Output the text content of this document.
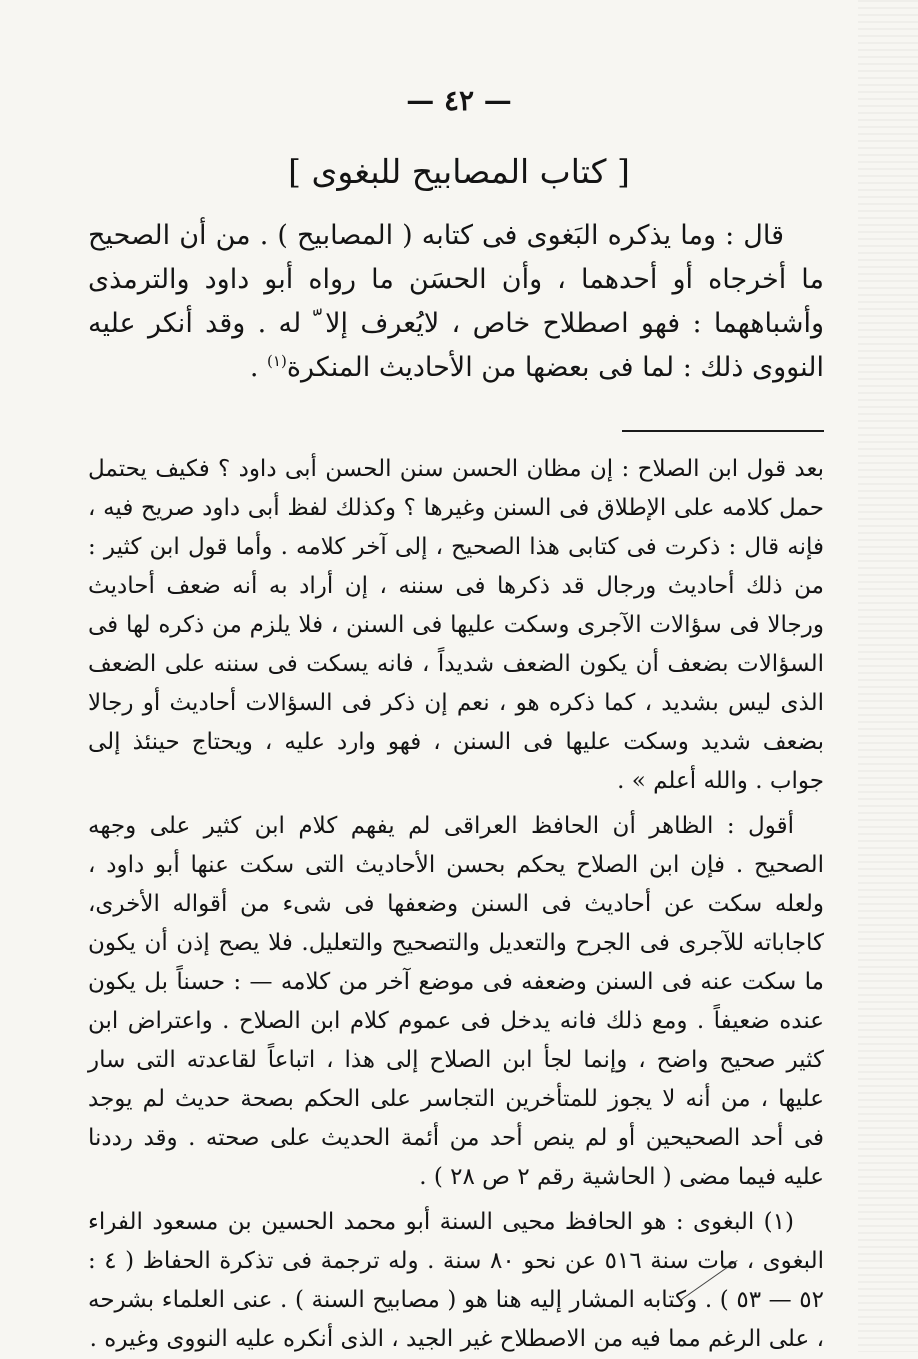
— ٤٢ —
[ كتاب المصابيح للبغوى ]

قال : وما يذكره البَغوى فى كتابه ( المصابيح ) . من أن الصحيح ما أخرجاه أو أحدهما ، وأن الحسَن ما رواه أبو داود والترمذى وأشباههما : فهو اصطلاح خاص ، لايُعرف إلا ّ له . وقد أنكر عليه النووى ذلك : لما فى بعضها من الأحاديث المنكرة$^{(١)}$ .

بعد قول ابن الصلاح : إن مظان الحسن سنن الحسن أبى داود ؟ فكيف يحتمل حمل كلامه على الإطلاق فى السنن وغيرها ؟ وكذلك لفظ أبى داود صريح فيه ، فإنه قال : ذكرت فى كتابى هذا الصحيح ، إلى آخر كلامه . وأما قول ابن كثير : من ذلك أحاديث ورجال قد ذكرها فى سننه ، إن أراد به أنه ضعف أحاديث ورجالا فى سؤالات الآجرى وسكت عليها فى السنن ، فلا يلزم من ذكره لها فى السؤالات بضعف أن يكون الضعف شديداً ، فانه يسكت فى سننه على الضعف الذى ليس بشديد ، كما ذكره هو ، نعم إن ذكر فى السؤالات أحاديث أو رجالا بضعف شديد وسكت عليها فى السنن ، فهو وارد عليه ، ويحتاج حينئذ إلى جواب . والله أعلم » .

أقول : الظاهر أن الحافظ العراقى لم يفهم كلام ابن كثير على وجهه الصحيح . فإن ابن الصلاح يحكم بحسن الأحاديث التى سكت عنها أبو داود ، ولعله سكت عن أحاديث فى السنن وضعفها فى شىء من أقواله الأخرى، كاجاباته للآجرى فى الجرح والتعديل والتصحيح والتعليل. فلا يصح إذن أن يكون ما سكت عنه فى السنن وضعفه فى موضع آخر من كلامه — : حسناً بل يكون عنده ضعيفاً . ومع ذلك فانه يدخل فى عموم كلام ابن الصلاح . واعتراض ابن كثير صحيح واضح ، وإنما لجأ ابن الصلاح إلى هذا ، اتباعاً لقاعدته التى سار عليها ، من أنه لا يجوز للمتأخرين التجاسر على الحكم بصحة حديث لم يوجد فى أحد الصحيحين أو لم ينص أحد من أئمة الحديث على صحته . وقد رددنا عليه فيما مضى ( الحاشية رقم ٢ ص ٢٨ ) .

(١) البغوى : هو الحافظ محيى السنة أبو محمد الحسين بن مسعود الفراء البغوى ، مات سنة ٥١٦ عن نحو ٨٠ سنة . وله ترجمة فى تذكرة الحفاظ ( ٤ : ٥٢ — ٥٣ ) . وكتابه المشار إليه هنا هو ( مصابيح السنة ) . عنى العلماء بشرحه ، على الرغم مما فيه من الاصطلاح غير الجيد ، الذى أنكره عليه النووى وغيره .
